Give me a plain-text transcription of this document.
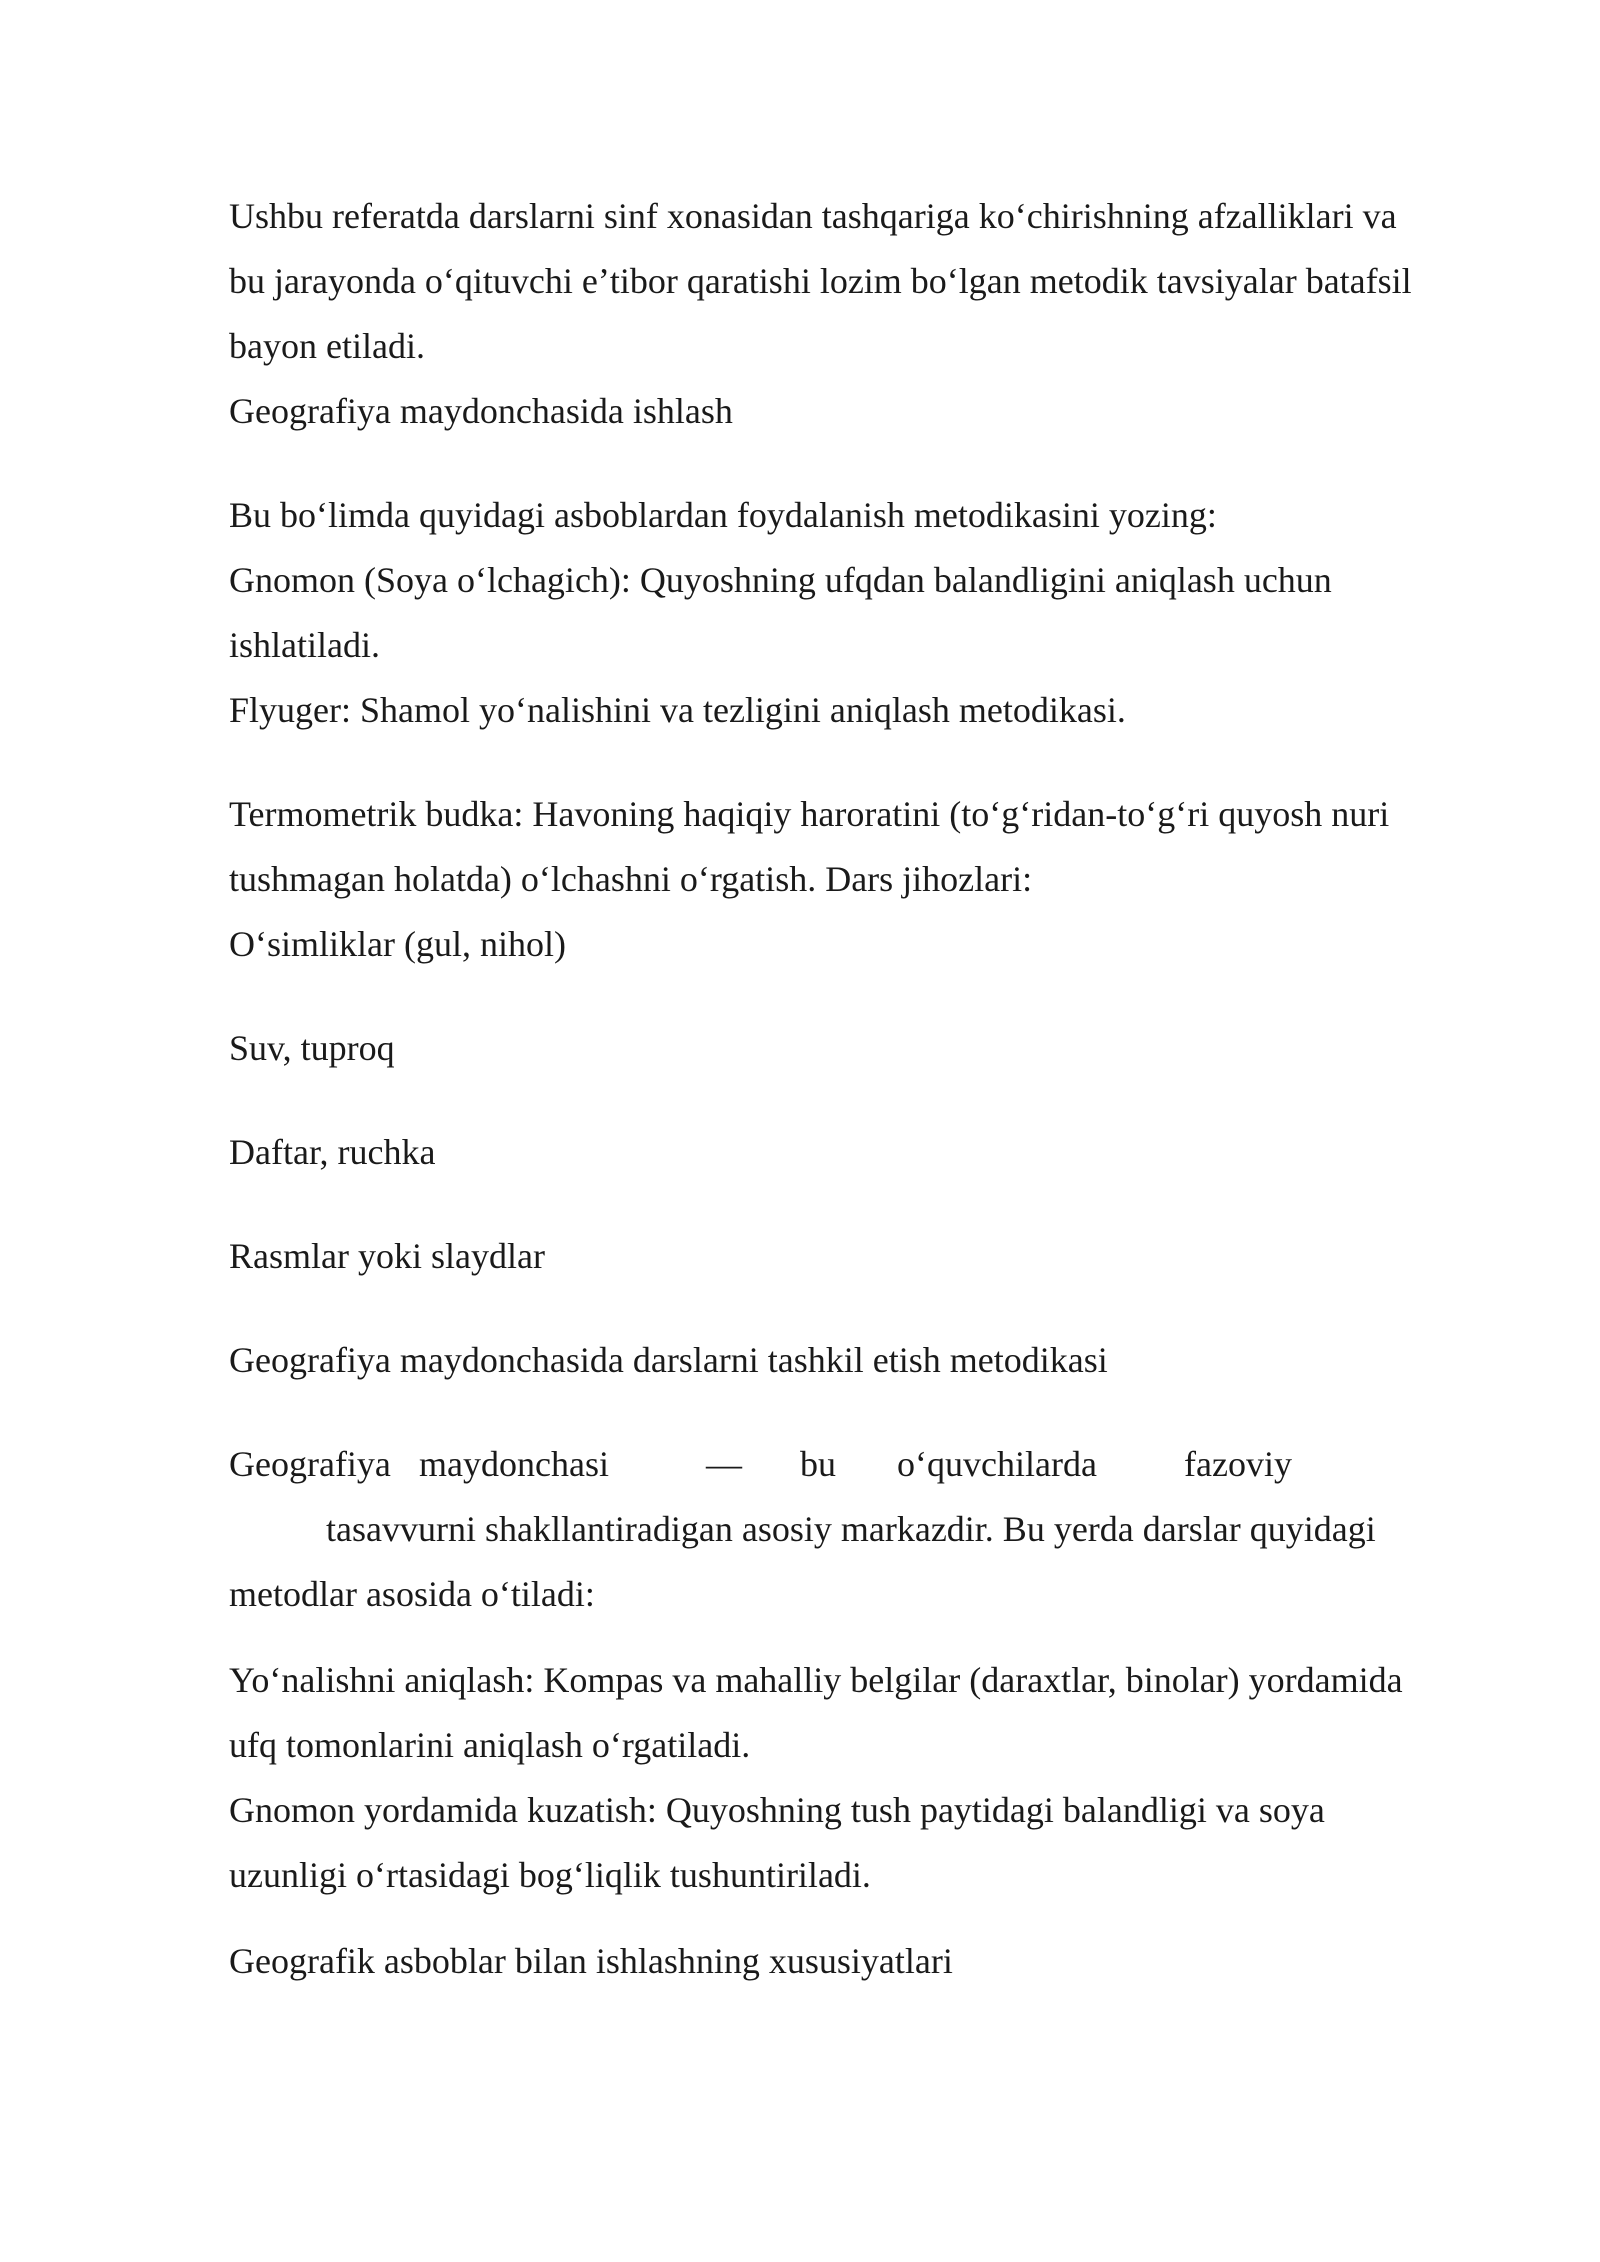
Ushbu referatda darslarni sinf xonasidan tashqariga koʻchirishning afzalliklari va
bu jarayonda oʻqituvchi eʼtibor qaratishi lozim boʻlgan metodik tavsiyalar batafsil
bayon etiladi.
Geografiya maydonchasida ishlash
Bu boʻlimda quyidagi asboblardan foydalanish metodikasini yozing:
Gnomon (Soya oʻlchagich): Quyoshning ufqdan balandligini aniqlash uchun
ishlatiladi.
Flyuger: Shamol yoʻnalishini va tezligini aniqlash metodikasi.
Termometrik budka: Havoning haqiqiy haroratini (toʻgʻridan-toʻgʻri quyosh nuri
tushmagan holatda) oʻlchashni oʻrgatish. Dars jihozlari:
Oʻsimliklar (gul, nihol)
Suv, tuproq
Daftar, ruchka
Rasmlar yoki slaydlar
Geografiya maydonchasida darslarni tashkil etish metodikasi
Geografiya maydonchasi	— bu oʻquvchilarda fazoviy
tasavvurni shakllantiradigan asosiy markazdir. Bu yerda darslar quyidagi
metodlar asosida oʻtiladi:
Yoʻnalishni aniqlash: Kompas va mahalliy belgilar (daraxtlar, binolar) yordamida
ufq tomonlarini aniqlash oʻrgatiladi.
Gnomon yordamida kuzatish: Quyoshning tush paytidagi balandligi va soya
uzunligi oʻrtasidagi bogʻliqlik tushuntiriladi.
Geografik asboblar bilan ishlashning xususiyatlari
